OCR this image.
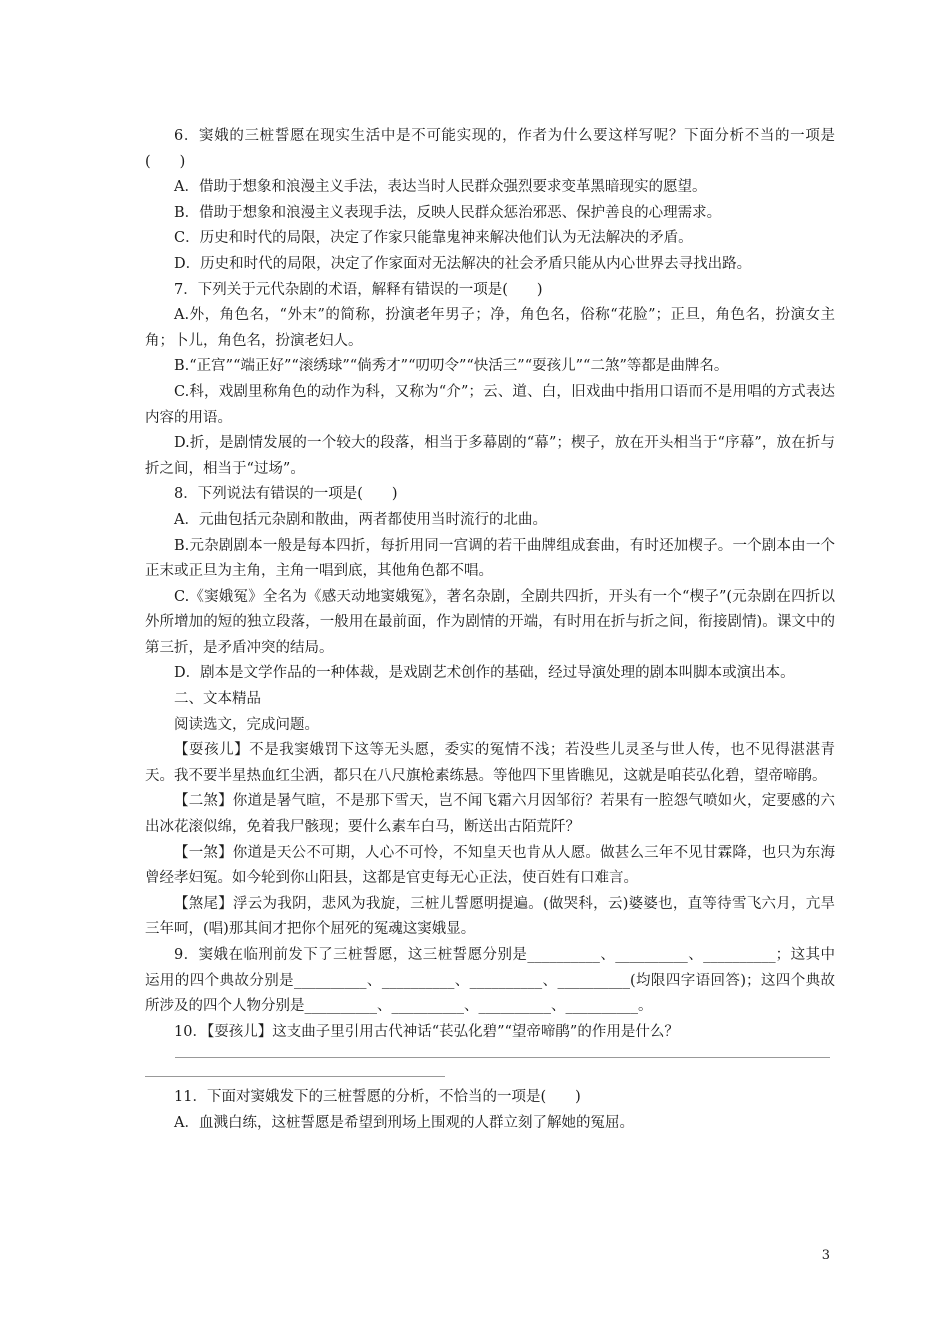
6．窦娥的三桩誓愿在现实生活中是不可能实现的，作者为什么要这样写呢？下面分析不当的一项是(　　)

A．借助于想象和浪漫主义手法，表达当时人民群众强烈要求变革黑暗现实的愿望。

B．借助于想象和浪漫主义表现手法，反映人民群众惩治邪恶、保护善良的心理需求。

C．历史和时代的局限，决定了作家只能靠鬼神来解决他们认为无法解决的矛盾。

D．历史和时代的局限，决定了作家面对无法解决的社会矛盾只能从内心世界去寻找出路。

7．下列关于元代杂剧的术语，解释有错误的一项是(　　)

A.外，角色名，“外末”的简称，扮演老年男子；净，角色名，俗称“花脸”；正旦，角色名，扮演女主角；卜儿，角色名，扮演老妇人。

B.“正宫”“端正好”“滚绣球”“倘秀才”“叨叨令”“快活三”“耍孩儿”“二煞”等都是曲牌名。

C.科，戏剧里称角色的动作为科，又称为“介”；云、道、白，旧戏曲中指用口语而不是用唱的方式表达内容的用语。

D.折，是剧情发展的一个较大的段落，相当于多幕剧的“幕”；楔子，放在开头相当于“序幕”，放在折与折之间，相当于“过场”。

8．下列说法有错误的一项是(　　)

A．元曲包括元杂剧和散曲，两者都使用当时流行的北曲。

B.元杂剧剧本一般是每本四折，每折用同一宫调的若干曲牌组成套曲，有时还加楔子。一个剧本由一个正末或正旦为主角，主角一唱到底，其他角色都不唱。

C.《窦娥冤》全名为《感天动地窦娥冤》，著名杂剧，全剧共四折，开头有一个“楔子”(元杂剧在四折以外所增加的短的独立段落，一般用在最前面，作为剧情的开端，有时用在折与折之间，衔接剧情)。课文中的第三折，是矛盾冲突的结局。

D．剧本是文学作品的一种体裁，是戏剧艺术创作的基础，经过导演处理的剧本叫脚本或演出本。

二、文本精品

阅读选文，完成问题。

【耍孩儿】不是我窦娥罚下这等无头愿，委实的冤情不浅；若没些儿灵圣与世人传，也不见得湛湛青天。我不要半星热血红尘洒，都只在八尺旗枪素练悬。等他四下里皆瞧见，这就是咱苌弘化碧，望帝啼鹃。

【二煞】你道是暑气暄，不是那下雪天，岂不闻飞霜六月因邹衍？若果有一腔怨气喷如火，定要感的六出冰花滚似绵，免着我尸骸现；要什么素车白马，断送出古陌荒阡？

【一煞】你道是天公不可期，人心不可怜，不知皇天也肯从人愿。做甚么三年不见甘霖降，也只为东海曾经孝妇冤。如今轮到你山阳县，这都是官吏每无心正法，使百姓有口难言。

【煞尾】浮云为我阴，悲风为我旋，三桩儿誓愿明提遍。(做哭科，云)婆婆也，直等待雪飞六月，亢旱三年呵，(唱)那其间才把你个屈死的冤魂这窦娥显。

9．窦娥在临刑前发下了三桩誓愿，这三桩誓愿分别是__________、__________、__________；这其中运用的四个典故分别是__________、__________、__________、__________(均限四字语回答)；这四个典故所涉及的四个人物分别是__________、__________、__________、__________。

10．【耍孩儿】这支曲子里引用古代神话“苌弘化碧”“望帝啼鹃”的作用是什么？

11．下面对窦娥发下的三桩誓愿的分析，不恰当的一项是(　　)

A．血溅白练，这桩誓愿是希望到刑场上围观的人群立刻了解她的冤屈。

3
